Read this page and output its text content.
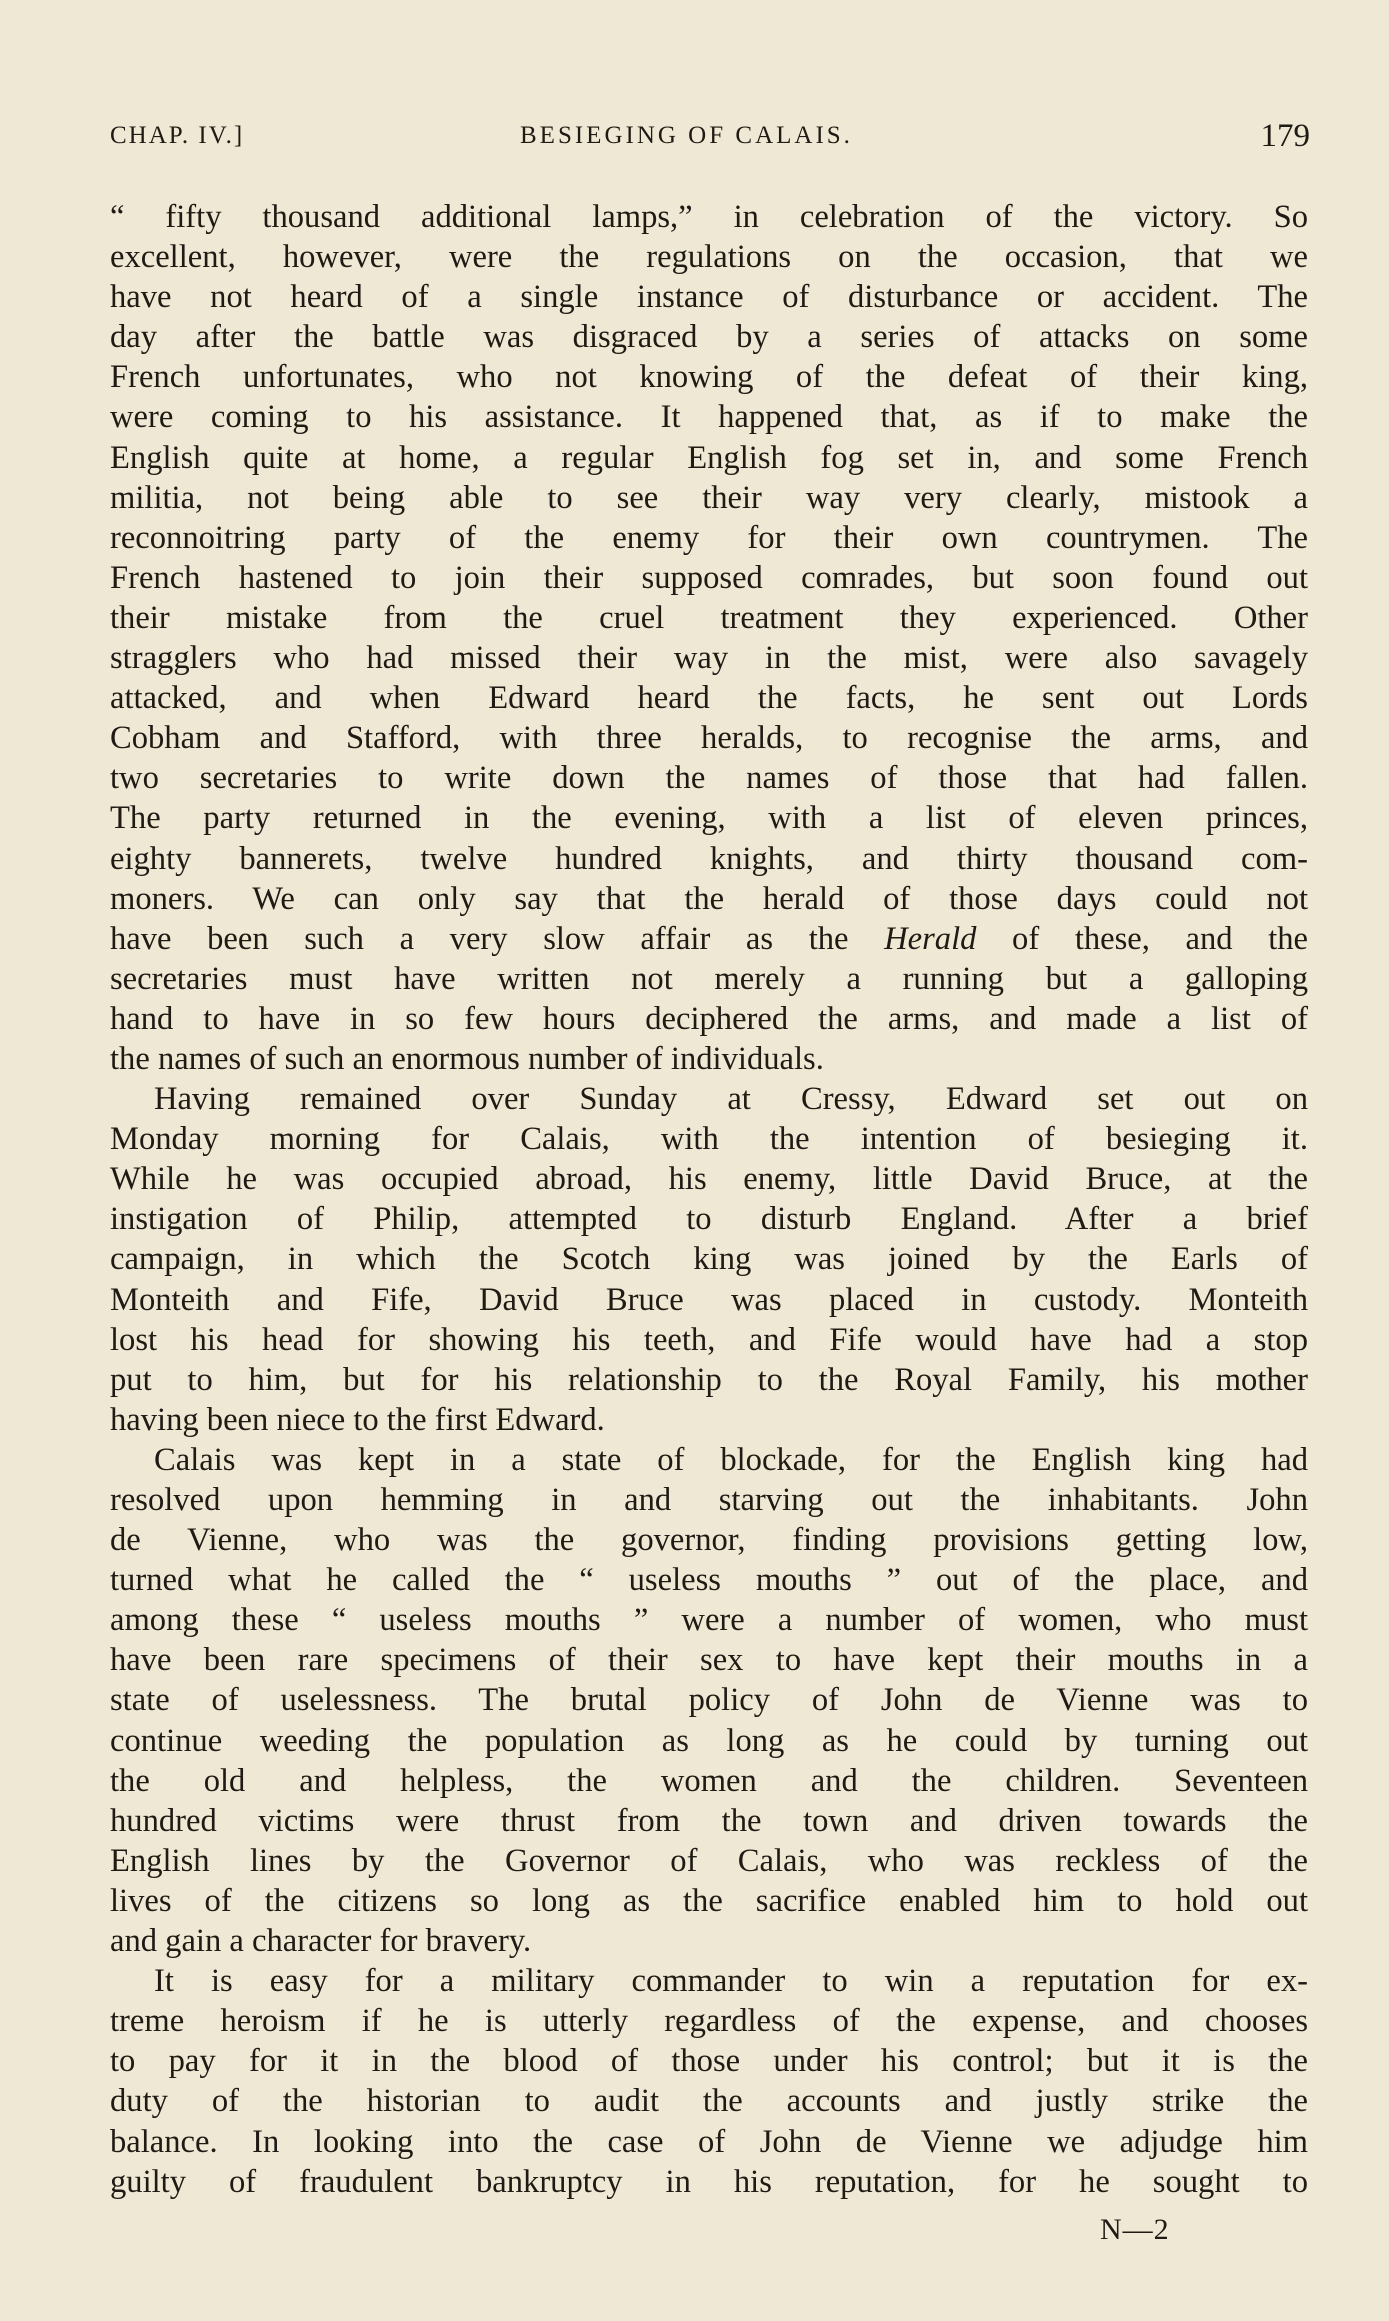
CHAP. IV.]	BESIEGING OF CALAIS.	179
“ fifty thousand additional lamps,” in celebration of the victory. So
excellent, however, were the regulations on the occasion, that we
have not heard of a single instance of disturbance or accident. The
day after the battle was disgraced by a series of attacks on some
French unfortunates, who not knowing of the defeat of their king,
were coming to his assistance. It happened that, as if to make the
English quite at home, a regular English fog set in, and some French
militia, not being able to see their way very clearly, mistook a
reconnoitring party of the enemy for their own countrymen. The
French hastened to join their supposed comrades, but soon found out
their mistake from the cruel treatment they experienced. Other
stragglers who had missed their way in the mist, were also savagely
attacked, and when Edward heard the facts, he sent out Lords
Cobham and Stafford, with three heralds, to recognise the arms, and
two secretaries to write down the names of those that had fallen.
The party returned in the evening, with a list of eleven princes,
eighty bannerets, twelve hundred knights, and thirty thousand com-
moners. We can only say that the herald of those days could not
have been such a very slow affair as the Herald of these, and the
secretaries must have written not merely a running but a galloping
hand to have in so few hours deciphered the arms, and made a list of
the names of such an enormous number of individuals.
Having remained over Sunday at Cressy, Edward set out on
Monday morning for Calais, with the intention of besieging it.
While he was occupied abroad, his enemy, little David Bruce, at the
instigation of Philip, attempted to disturb England. After a brief
campaign, in which the Scotch king was joined by the Earls of
Monteith and Fife, David Bruce was placed in custody. Monteith
lost his head for showing his teeth, and Fife would have had a stop
put to him, but for his relationship to the Royal Family, his mother
having been niece to the first Edward.
Calais was kept in a state of blockade, for the English king had
resolved upon hemming in and starving out the inhabitants. John
de Vienne, who was the governor, finding provisions getting low,
turned what he called the “ useless mouths ” out of the place, and
among these “ useless mouths ” were a number of women, who must
have been rare specimens of their sex to have kept their mouths in a
state of uselessness. The brutal policy of John de Vienne was to
continue weeding the population as long as he could by turning out
the old and helpless, the women and the children. Seventeen
hundred victims were thrust from the town and driven towards the
English lines by the Governor of Calais, who was reckless of the
lives of the citizens so long as the sacrifice enabled him to hold out
and gain a character for bravery.
It is easy for a military commander to win a reputation for ex-
treme heroism if he is utterly regardless of the expense, and chooses
to pay for it in the blood of those under his control; but it is the
duty of the historian to audit the accounts and justly strike the
balance. In looking into the case of John de Vienne we adjudge him
guilty of fraudulent bankruptcy in his reputation, for he sought to
N—2
